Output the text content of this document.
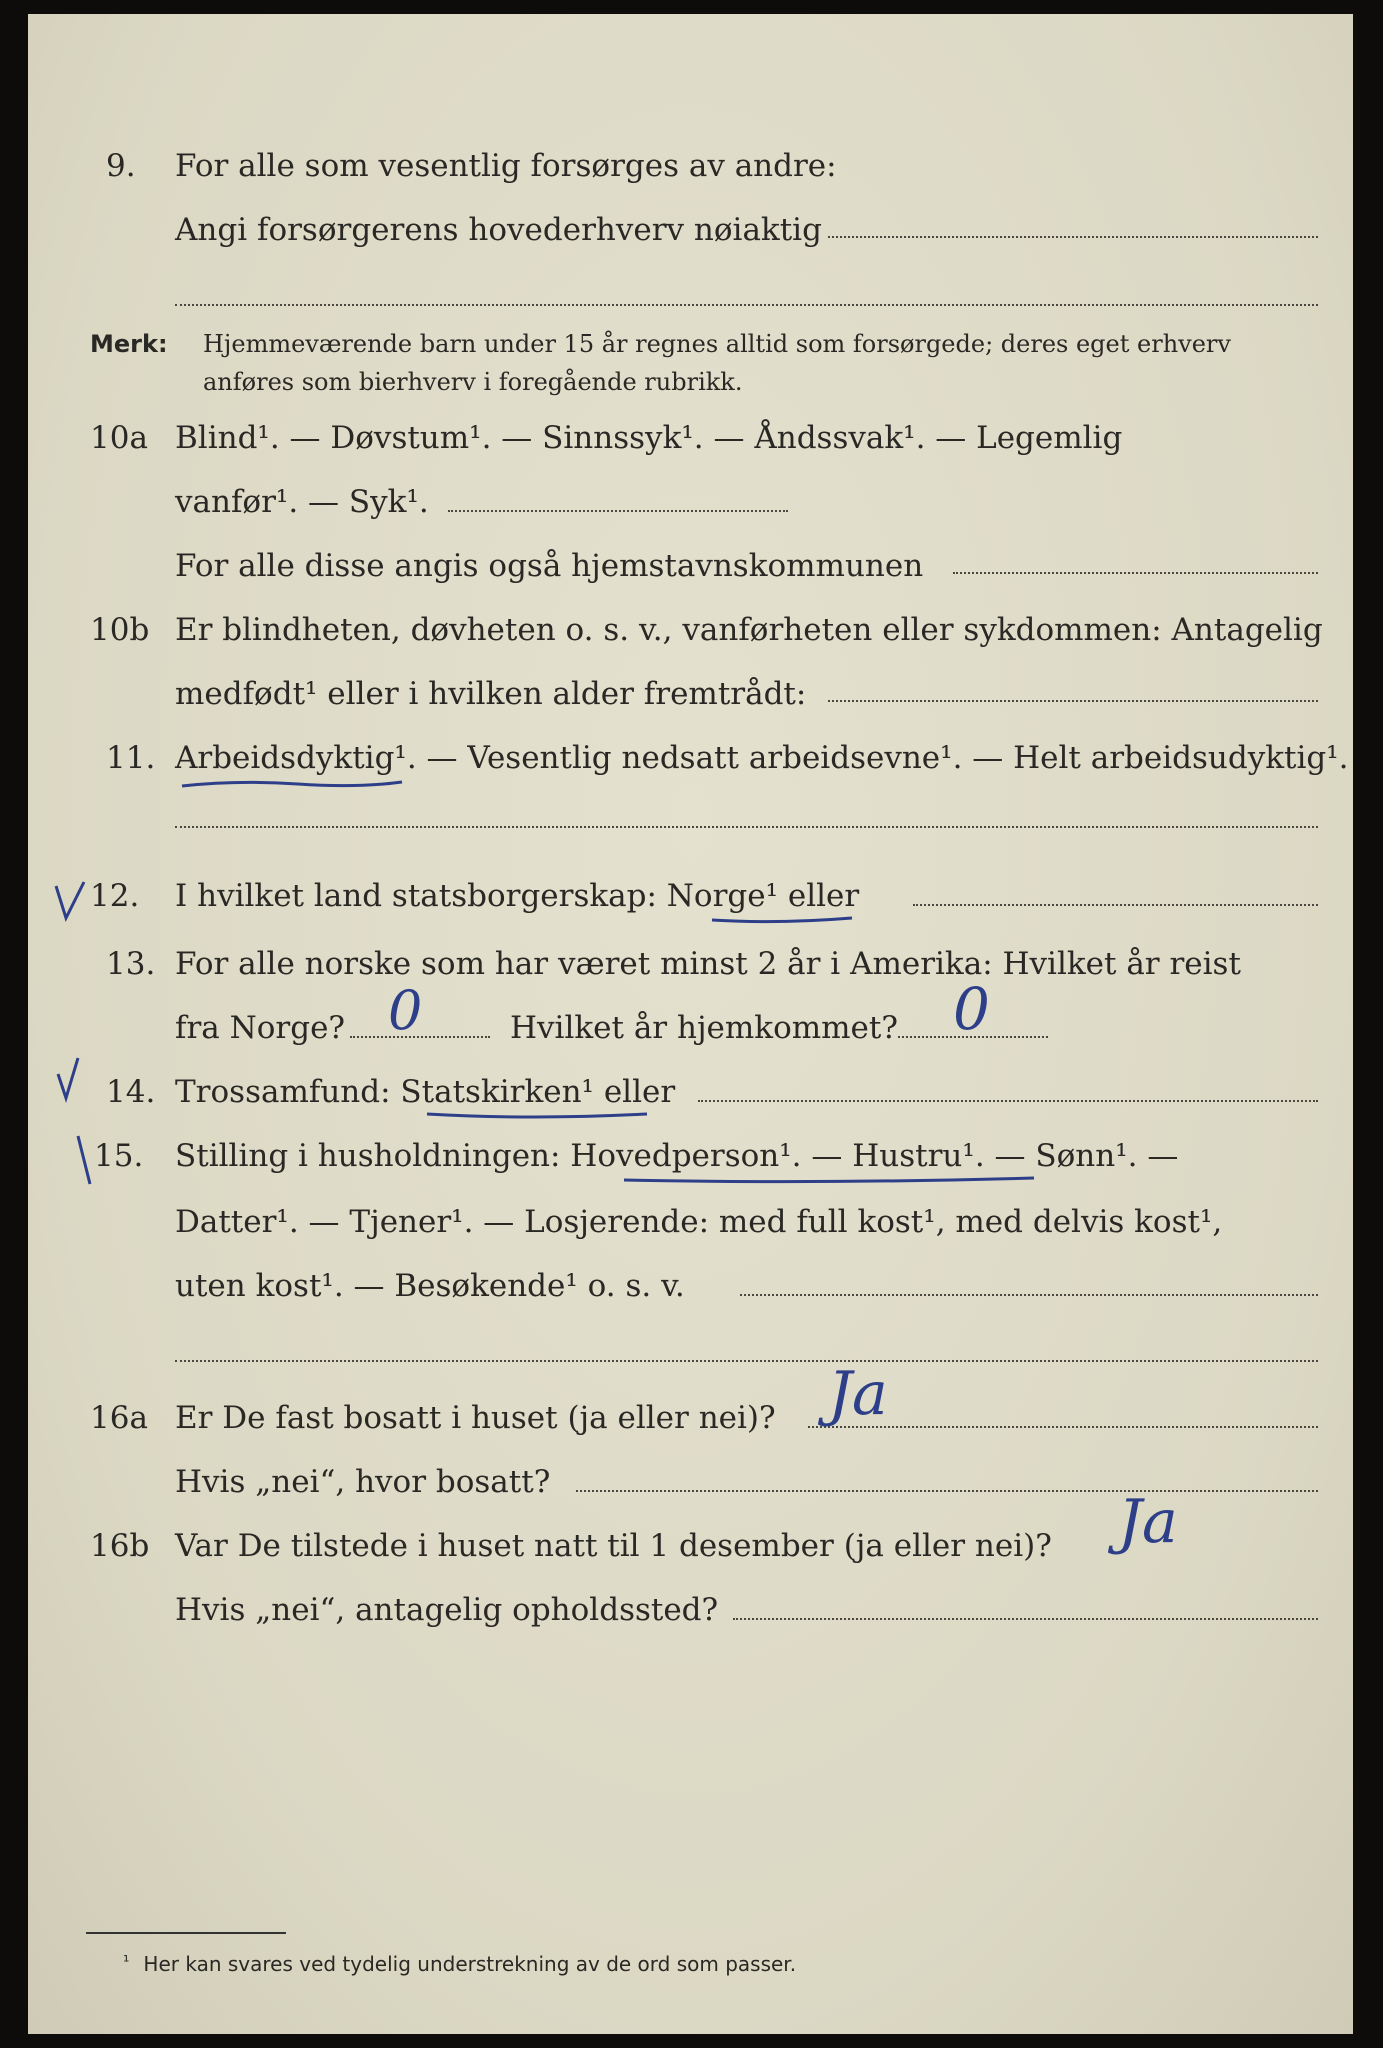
9. For alle som vesentlig forsørges av andre:
Angi forsørgerens hovederhverv nøiaktig
Merk: Hjemmeværende barn under 15 år regnes alltid som forsørgede; deres eget erhverv
anføres som bierhverv i foregående rubrikk.
10a Blind¹. — Døvstum¹. — Sinnssyk¹. — Åndssvak¹. — Legemlig
vanfør¹. — Syk¹.
For alle disse angis også hjemstavnskommunen
10b Er blindheten, døvheten o. s. v., vanførheten eller sykdommen: Antagelig
medfødt¹ eller i hvilken alder fremtrådt:
11. Arbeidsdyktig¹. — Vesentlig nedsatt arbeidsevne¹. — Helt arbeidsudyktig¹.
12. I hvilket land statsborgerskap: Norge¹ eller
13. For alle norske som har været minst 2 år i Amerika: Hvilket år reist
fra Norge? 0	Hvilket år hjemkommet? 0
14. Trossamfund: Statskirken¹ eller
15. Stilling i husholdningen: Hovedperson¹. — Hustru¹. — Sønn¹. —
Datter¹. — Tjener¹. — Losjerende: med full kost¹, med delvis kost¹,
uten kost¹. — Besøkende¹ o. s. v.
16a Er De fast bosatt i huset (ja eller nei)? Ja
Hvis „nei“, hvor bosatt?
16b Var De tilstede i huset natt til 1 desember (ja eller nei)? Ja
Hvis „nei“, antagelig opholdssted?
$^{^1}$ Her kan svares ved tydelig understrekning av de ord som passer.
